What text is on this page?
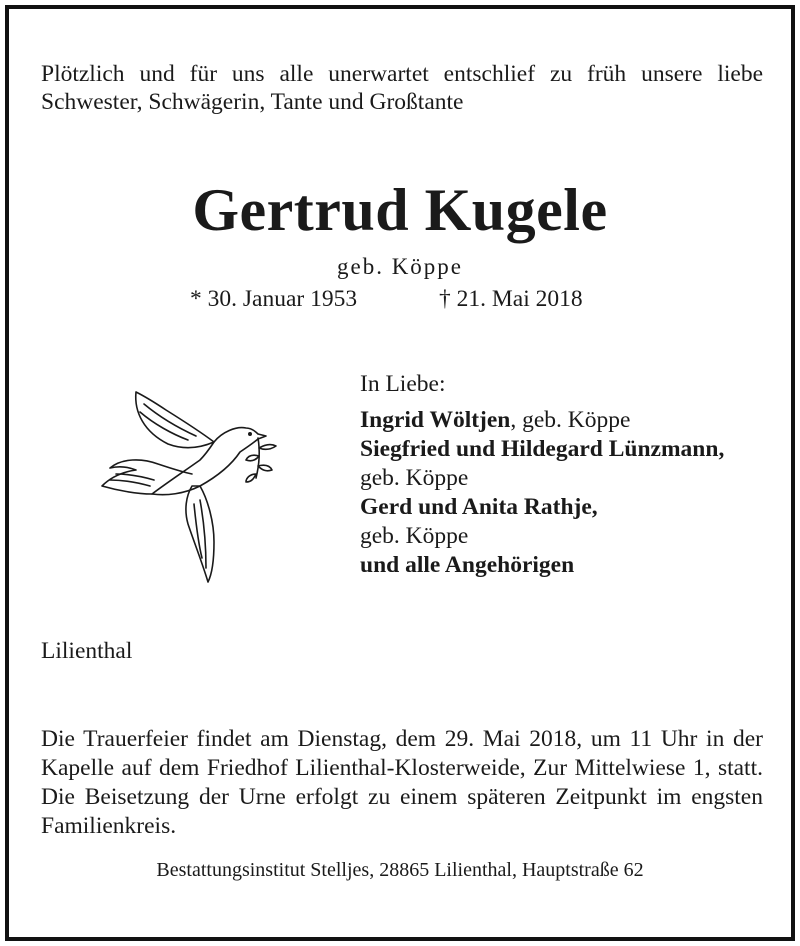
Plötzlich und für uns alle unerwartet entschlief zu früh unsere liebe Schwester, Schwägerin, Tante und Großtante
Gertrud Kugele
geb. Köppe
* 30. Januar 1953	† 21. Mai 2018
In Liebe:
Ingrid Wöltjen, geb. Köppe
Siegfried und Hildegard Lünzmann,
geb. Köppe
Gerd und Anita Rathje,
geb. Köppe
und alle Angehörigen
Lilienthal
Die Trauerfeier findet am Dienstag, dem 29. Mai 2018, um 11 Uhr in der Kapelle auf dem Friedhof Lilienthal-Klosterweide, Zur Mittelwiese 1, statt. Die Beisetzung der Urne erfolgt zu einem späteren Zeitpunkt im engsten Familienkreis.
Bestattungsinstitut Stelljes, 28865 Lilienthal, Hauptstraße 62
